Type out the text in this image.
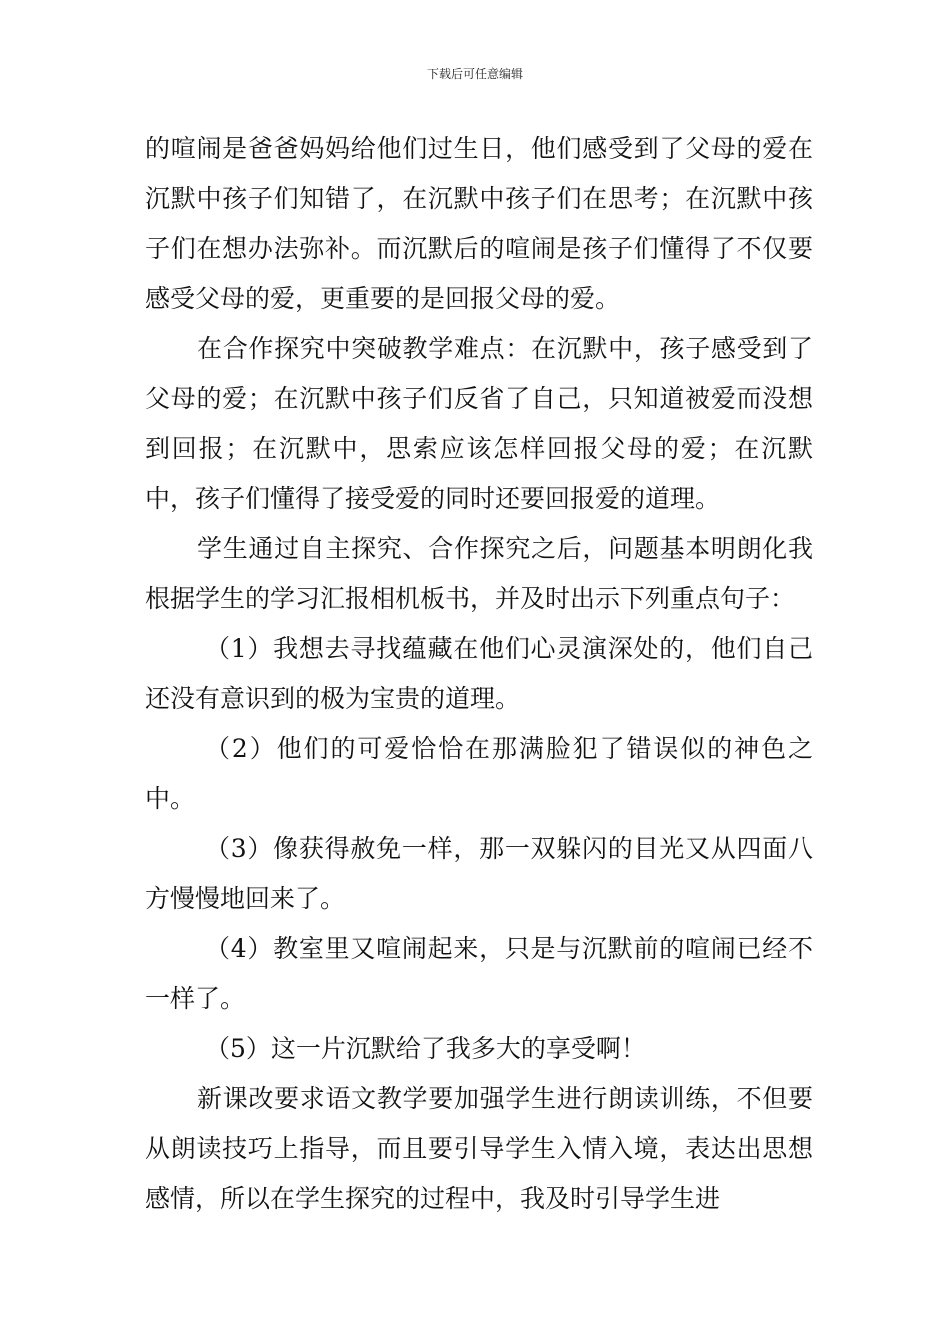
下载后可任意编辑

的喧闹是爸爸妈妈给他们过生日，他们感受到了父母的爱在沉默中孩子们知错了，在沉默中孩子们在思考；在沉默中孩子们在想办法弥补。而沉默后的喧闹是孩子们懂得了不仅要感受父母的爱，更重要的是回报父母的爱。

在合作探究中突破教学难点：在沉默中，孩子感受到了父母的爱；在沉默中孩子们反省了自己，只知道被爱而没想到回报；在沉默中，思索应该怎样回报父母的爱；在沉默中，孩子们懂得了接受爱的同时还要回报爱的道理。

学生通过自主探究、合作探究之后，问题基本明朗化我根据学生的学习汇报相机板书，并及时出示下列重点句子：

（1）我想去寻找蕴藏在他们心灵演深处的，他们自己还没有意识到的极为宝贵的道理。

（2）他们的可爱恰恰在那满脸犯了错误似的神色之中。

（3）像获得赦免一样，那一双躲闪的目光又从四面八方慢慢地回来了。

（4）教室里又喧闹起来，只是与沉默前的喧闹已经不一样了。

（5）这一片沉默给了我多大的享受啊！

新课改要求语文教学要加强学生进行朗读训练，不但要从朗读技巧上指导，而且要引导学生入情入境，表达出思想感情，所以在学生探究的过程中，我及时引导学生进
